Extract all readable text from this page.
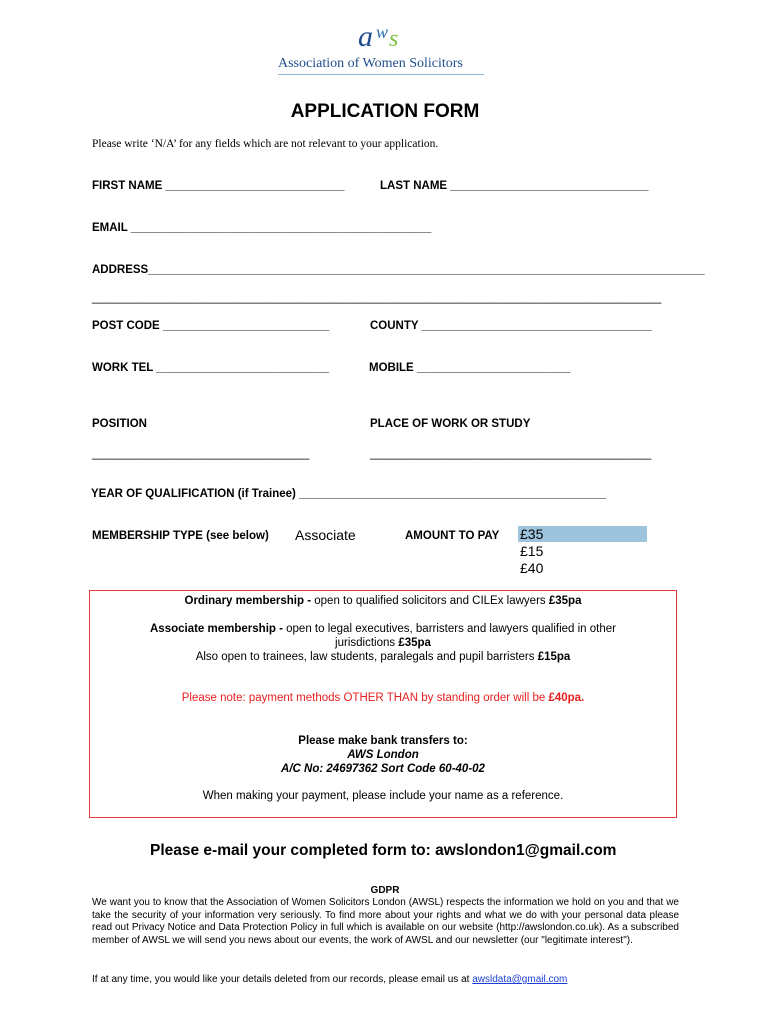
a w s
Association of Women Solicitors
APPLICATION FORM
Please write ‘N/A’ for any fields which are not relevant to your application.
FIRST NAME ____________________________	LAST NAME _______________________________
EMAIL _______________________________________________
ADDRESS_______________________________________________________________________________________
_________________________________________________________________________________________
POST CODE __________________________	COUNTY ____________________________________
WORK TEL ___________________________	MOBILE ________________________
POSITION	PLACE OF WORK OR STUDY
__________________________________	____________________________________________
YEAR OF QUALIFICATION (if Trainee) ________________________________________________
MEMBERSHIP TYPE (see below) Associate	AMOUNT TO PAY £35
£15
£40
Ordinary membership - open to qualified solicitors and CILEx lawyers £35pa
Associate membership - open to legal executives, barristers and lawyers qualified in other
jurisdictions £35pa
Also open to trainees, law students, paralegals and pupil barristers £15pa
Please note: payment methods OTHER THAN by standing order will be £40pa.
Please make bank transfers to:
AWS London
A/C No: 24697362 Sort Code 60-40-02
When making your payment, please include your name as a reference.
Please e-mail your completed form to: awslondon1@gmail.com
GDPR
We want you to know that the Association of Women Solicitors London (AWSL) respects the information we hold on you and that we take the security of your information very seriously. To find more about your rights and what we do with your personal data please read out Privacy Notice and Data Protection Policy in full which is available on our website (http://awslondon.co.uk). As a subscribed member of AWSL we will send you news about our events, the work of AWSL and our newsletter (our "legitimate interest").
If at any time, you would like your details deleted from our records, please email us at awsldata@gmail.com
